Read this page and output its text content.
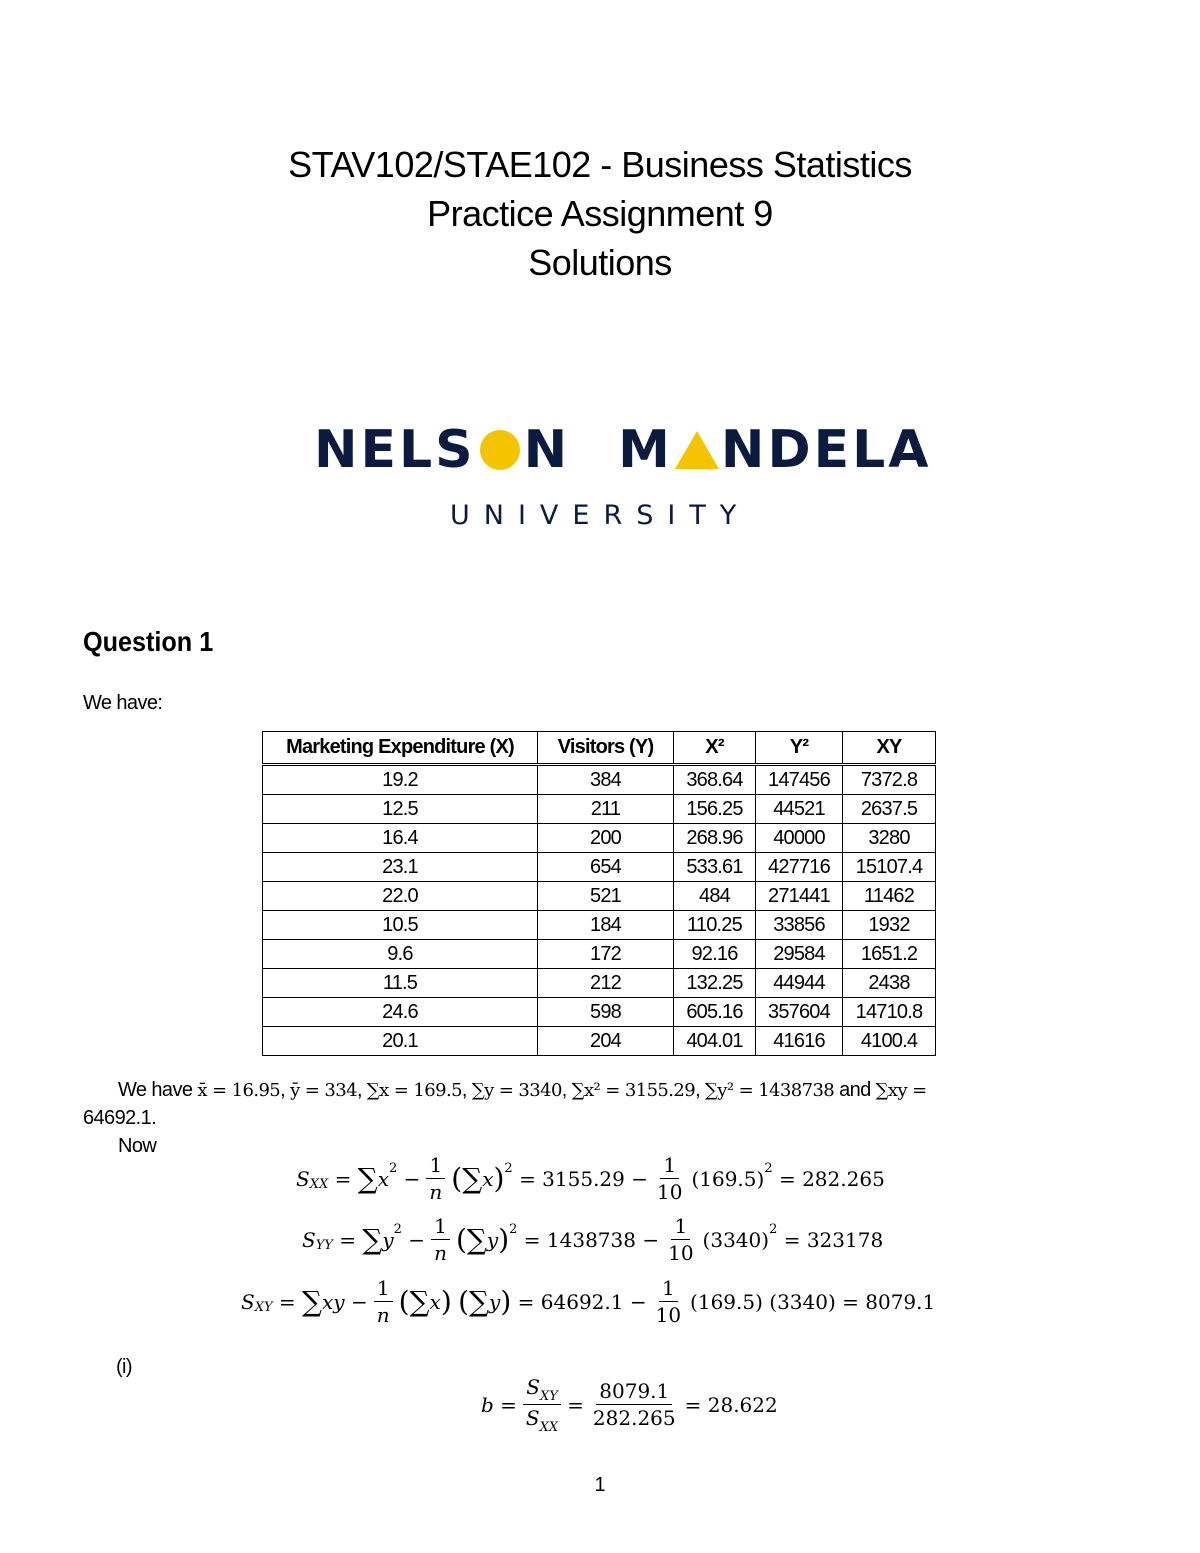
STAV102/STAE102 - Business Statistics
Practice Assignment 9
Solutions
NELS N M NDELA
UNIVERSITY
Question 1
We have:
Marketing Expenditure (X)	Visitors (Y)	X²	Y²	XY
19.2	384	368.64	147456	7372.8
12.5	211	156.25	44521	2637.5
16.4	200	268.96	40000	3280
23.1	654	533.61	427716	15107.4
22.0	521	484	271441	11462
10.5	184	110.25	33856	1932
9.6	172	92.16	29584	1651.2
11.5	212	132.25	44944	2438
24.6	598	605.16	357604	14710.8
20.1	204	404.01	41616	4100.4
We have x̄ = 16.95, ȳ = 334, ∑x = 169.5, ∑y = 3340, ∑x² = 3155.29, ∑y² = 1438738 and ∑xy =
64692.1.
Now
S XX = ∑ x $2 - \frac{1}{n}$ (∑ x ) 2
= $3155.29 - \frac{1}{10} (169.5)$ 2
= 282.265
S YY = ∑ y $2 - \frac{1}{n}$ (∑ y ) 2
= $1438738 - \frac{1}{10} (3340)$ 2
= 323178
S XY = ∑ xy − $\frac{1}{n}$ (∑ x )
(∑ y )
= $64692.1 - \frac{1}{10} (169.5)$ (3340)
= 8079.1
(i)
$b = \frac{S_{XY}}{S_{XX}} = \frac{8079.1}{282.265} = 28.622$
1
